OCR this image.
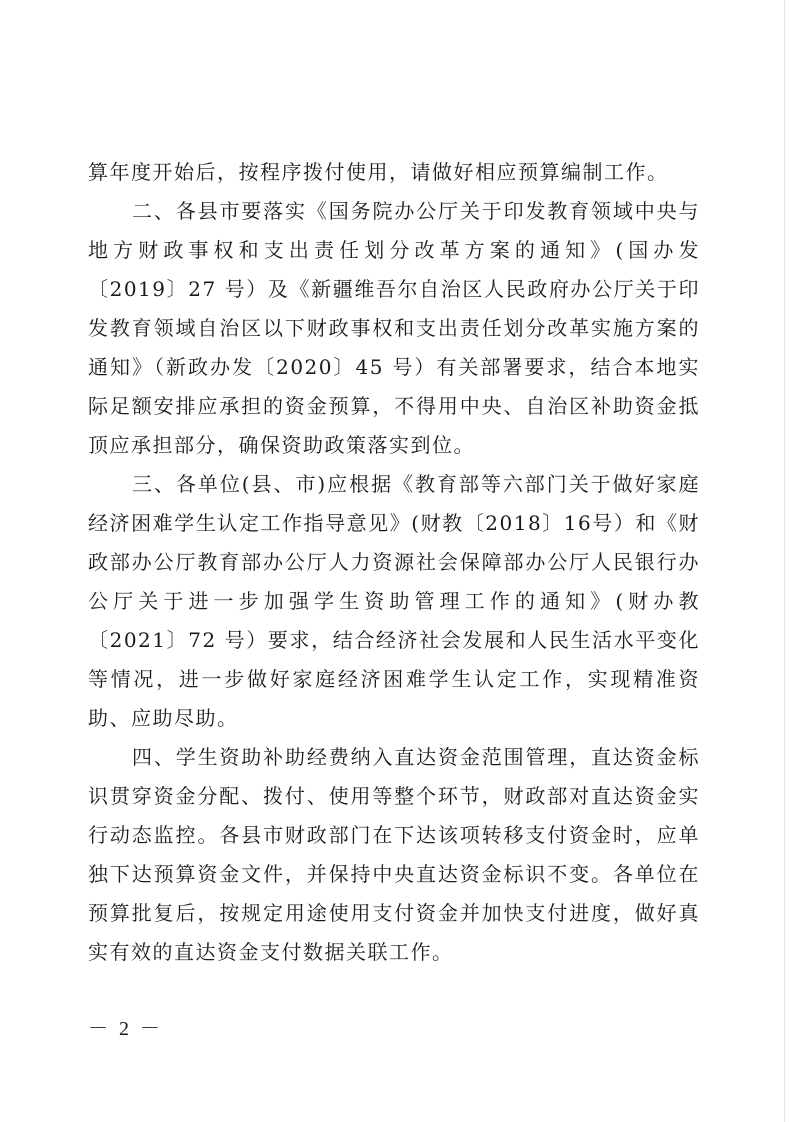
算年度开始后，按程序拨付使用，请做好相应预算编制工作。

二、各县市要落实《国务院办公厅关于印发教育领域中央与地方财政事权和支出责任划分改革方案的通知》(国办发〔2019〕27 号）及《新疆维吾尔自治区人民政府办公厅关于印发教育领域自治区以下财政事权和支出责任划分改革实施方案的通知》（新政办发〔2020〕45 号）有关部署要求，结合本地实际足额安排应承担的资金预算，不得用中央、自治区补助资金抵顶应承担部分，确保资助政策落实到位。

三、各单位(县、市)应根据《教育部等六部门关于做好家庭经济困难学生认定工作指导意见》(财教〔2018〕16号）和《财政部办公厅教育部办公厅人力资源社会保障部办公厅人民银行办公厅关于进一步加强学生资助管理工作的通知》(财办教〔2021〕72 号）要求，结合经济社会发展和人民生活水平变化等情况，进一步做好家庭经济困难学生认定工作，实现精准资助、应助尽助。

四、学生资助补助经费纳入直达资金范围管理，直达资金标识贯穿资金分配、拨付、使用等整个环节，财政部对直达资金实行动态监控。各县市财政部门在下达该项转移支付资金时，应单独下达预算资金文件，并保持中央直达资金标识不变。各单位在预算批复后，按规定用途使用支付资金并加快支付进度，做好真实有效的直达资金支付数据关联工作。

－ 2 －
